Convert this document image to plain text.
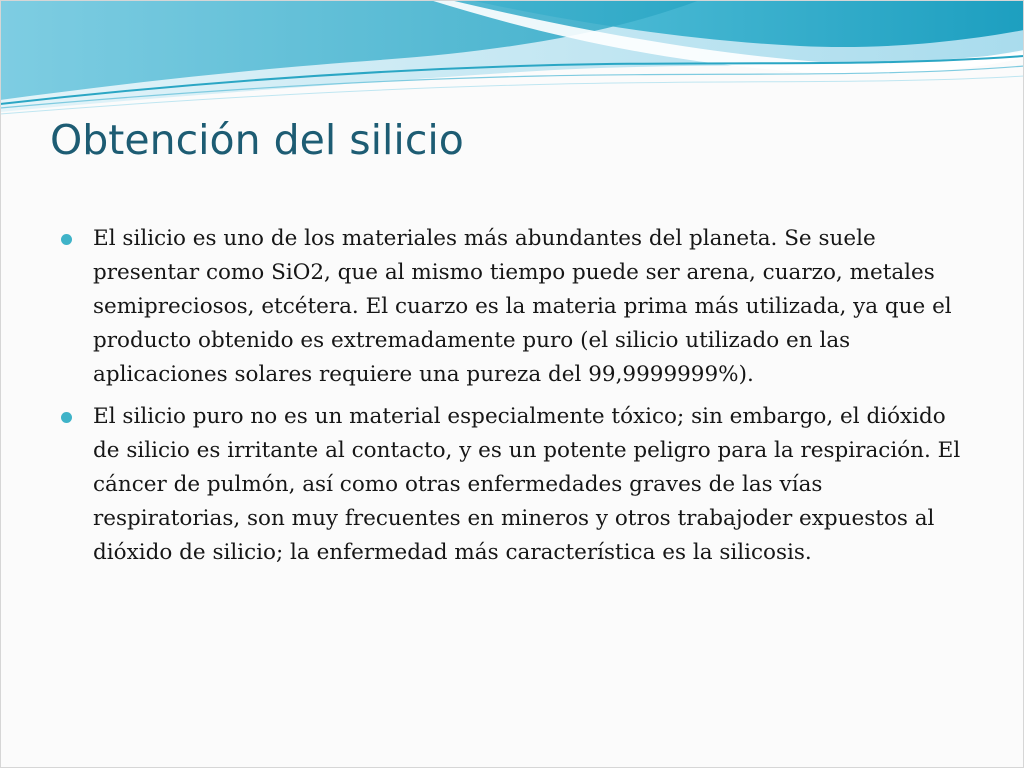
Obtención del silicio
El silicio es uno de los materiales más abundantes del planeta. Se suele presentar como SiO2, que al mismo tiempo puede ser arena, cuarzo, metales semipreciosos, etcétera. El cuarzo es la materia prima más utilizada, ya que el producto obtenido es extremadamente puro (el silicio utilizado en las aplicaciones solares requiere una pureza del 99,9999999%).
El silicio puro no es un material especialmente tóxico; sin embargo, el dióxido de silicio es irritante al contacto, y es un potente peligro para la respiración. El cáncer de pulmón, así como otras enfermedades graves de las vías respiratorias, son muy frecuentes en mineros y otros trabajoder expuestos al dióxido de silicio; la enfermedad más característica es la silicosis.
